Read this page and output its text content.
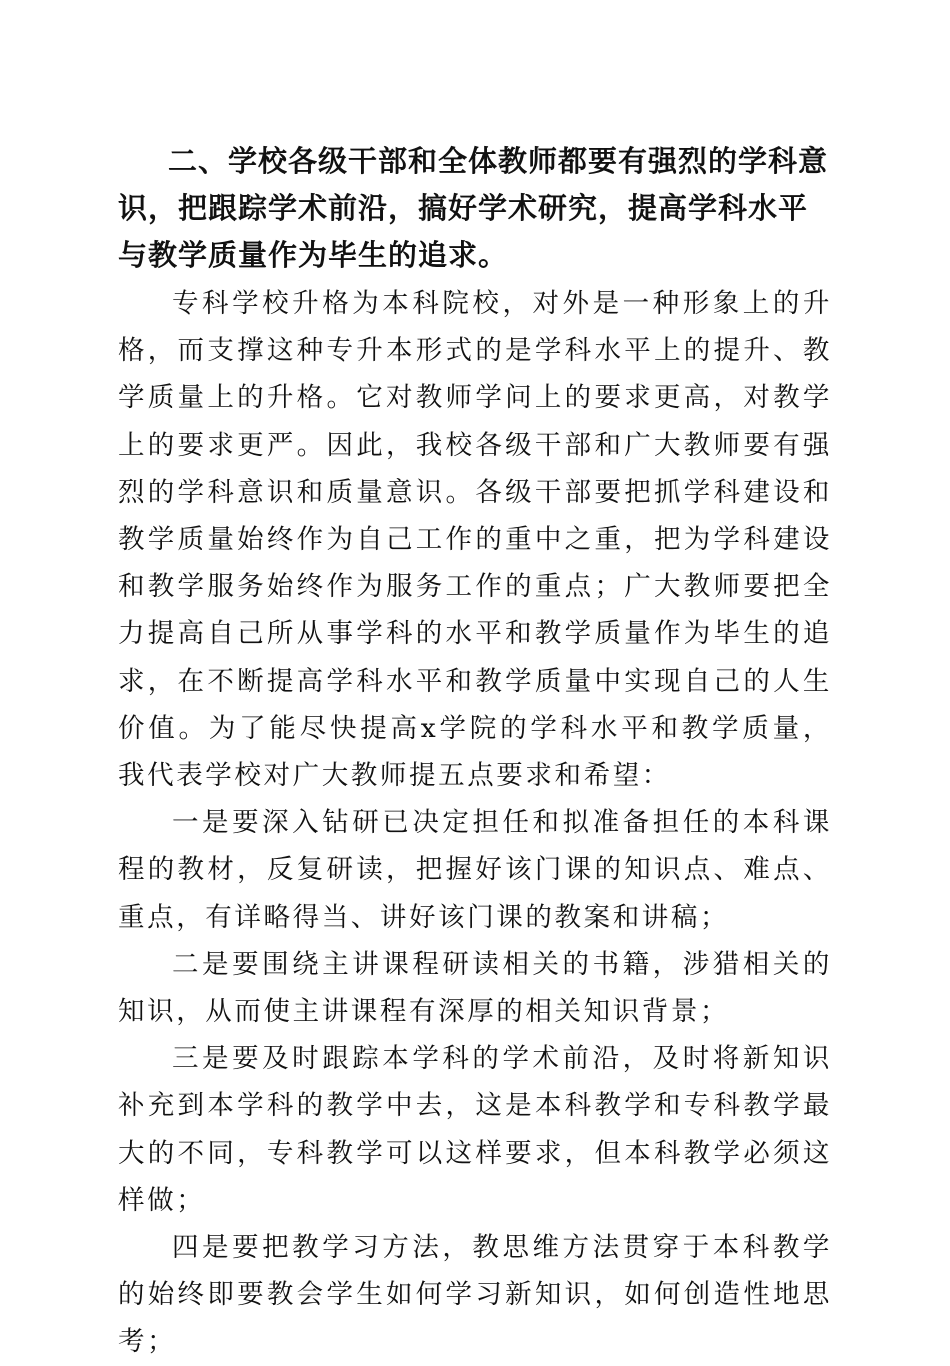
二、学校各级干部和全体教师都要有强烈的学科意识，把跟踪学术前沿，搞好学术研究，提高学科水平与教学质量作为毕生的追求。

专科学校升格为本科院校，对外是一种形象上的升格，而支撑这种专升本形式的是学科水平上的提升、教学质量上的升格。它对教师学问上的要求更高，对教学上的要求更严。因此，我校各级干部和广大教师要有强烈的学科意识和质量意识。各级干部要把抓学科建设和教学质量始终作为自己工作的重中之重，把为学科建设和教学服务始终作为服务工作的重点；广大教师要把全力提高自己所从事学科的水平和教学质量作为毕生的追求，在不断提高学科水平和教学质量中实现自己的人生价值。为了能尽快提高x学院的学科水平和教学质量，我代表学校对广大教师提五点要求和希望：

一是要深入钻研已决定担任和拟准备担任的本科课程的教材，反复研读，把握好该门课的知识点、难点、重点，有详略得当、讲好该门课的教案和讲稿；

二是要围绕主讲课程研读相关的书籍，涉猎相关的知识，从而使主讲课程有深厚的相关知识背景；

三是要及时跟踪本学科的学术前沿，及时将新知识补充到本学科的教学中去，这是本科教学和专科教学最大的不同，专科教学可以这样要求，但本科教学必须这样做；

四是要把教学习方法，教思维方法贯穿于本科教学的始终即要教会学生如何学习新知识，如何创造性地思考；
